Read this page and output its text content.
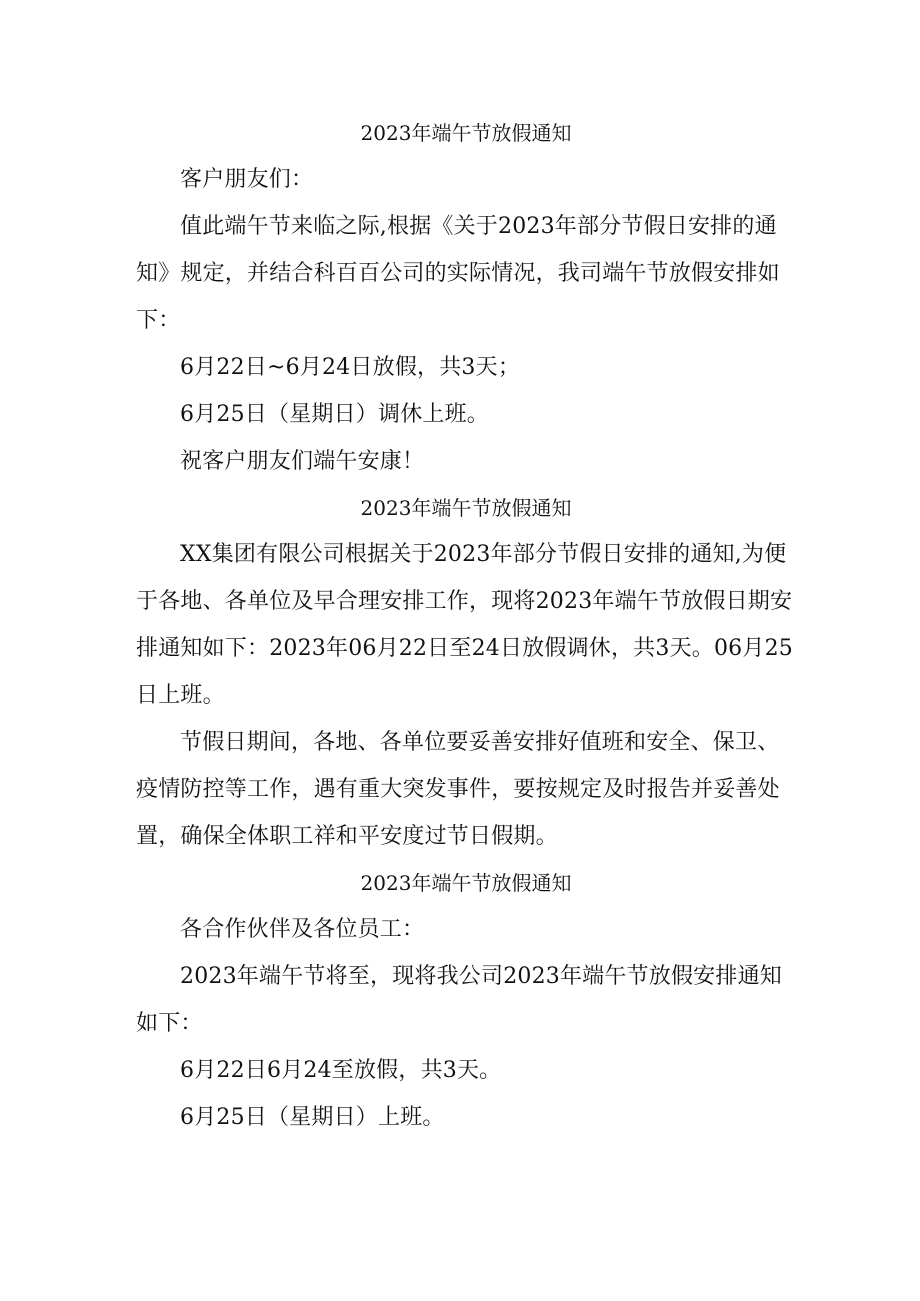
2023年端午节放假通知

客户朋友们：

值此端午节来临之际,根据《关于2023年部分节假日安排的通知》规定，并结合科百百公司的实际情况，我司端午节放假安排如下：

6月22日~6月24日放假，共3天；

6月25日（星期日）调休上班。

祝客户朋友们端午安康！

2023年端午节放假通知

XX集团有限公司根据关于2023年部分节假日安排的通知,为便于各地、各单位及早合理安排工作，现将2023年端午节放假日期安排通知如下：2023年06月22日至24日放假调休，共3天。06月25日上班。

节假日期间，各地、各单位要妥善安排好值班和安全、保卫、疫情防控等工作，遇有重大突发事件，要按规定及时报告并妥善处置，确保全体职工祥和平安度过节日假期。

2023年端午节放假通知

各合作伙伴及各位员工：

2023年端午节将至，现将我公司2023年端午节放假安排通知如下：

6月22日6月24至放假，共3天。

6月25日（星期日）上班。
